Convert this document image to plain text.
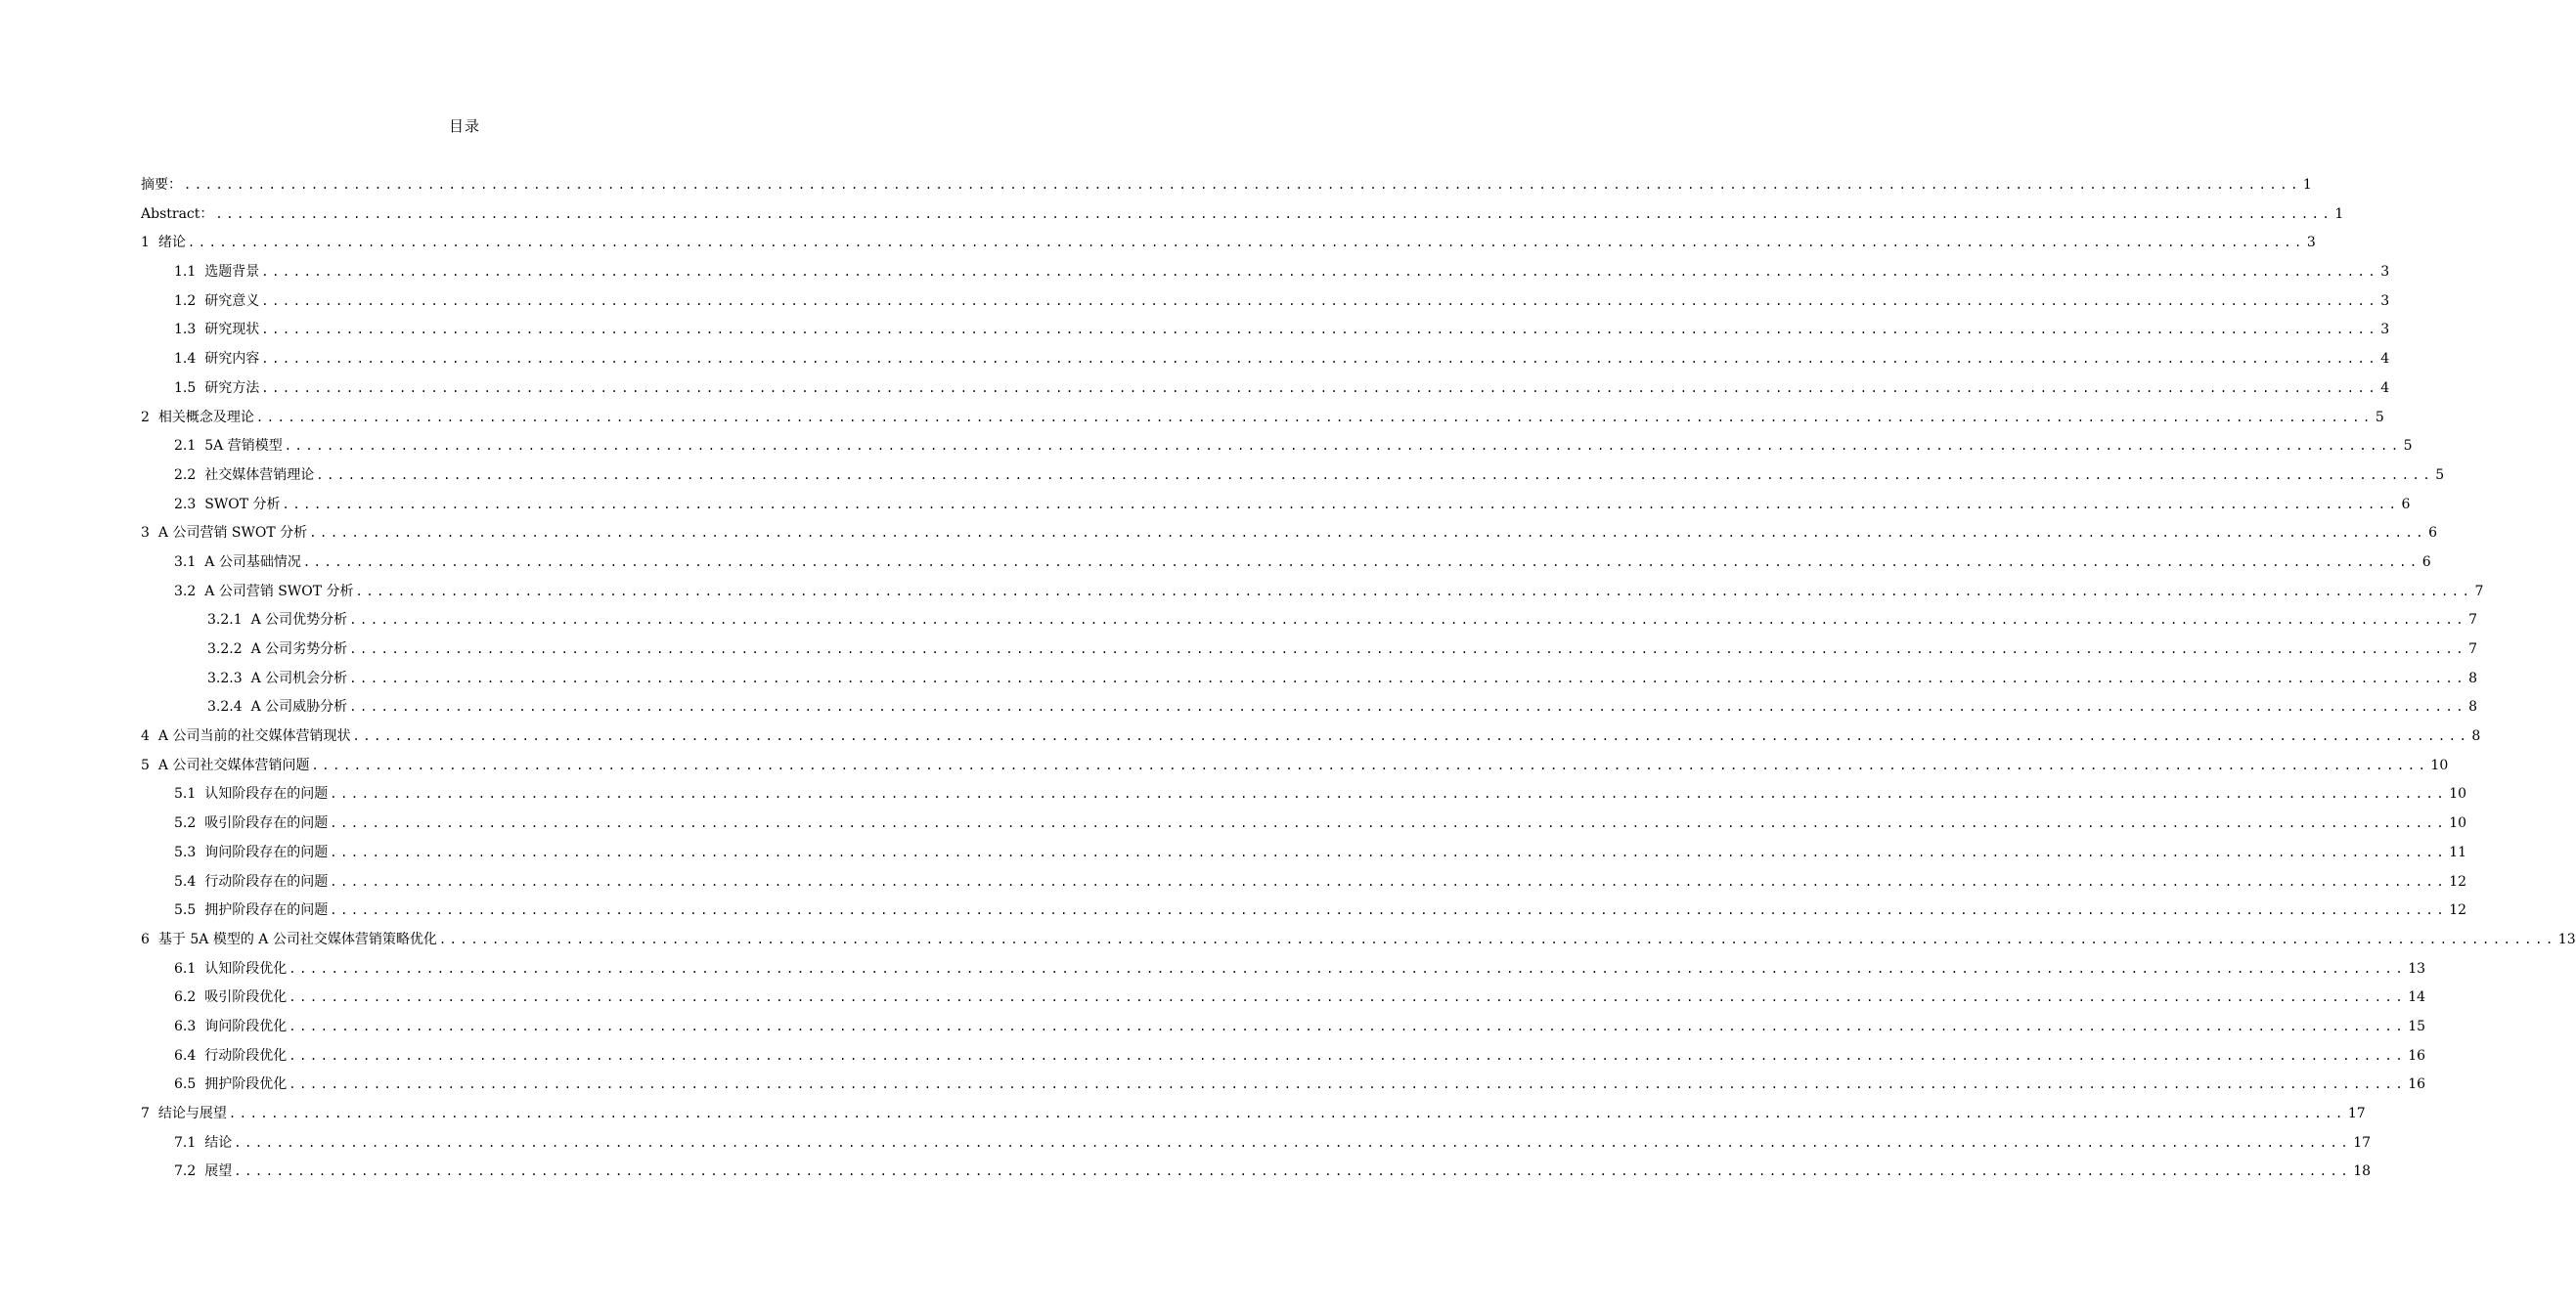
目录
摘要： ........................................................................................................................................................................................................ 1
Abstract： ........................................................................................................................................................................................................ 1
1 绪论 ........................................................................................................................................................................................................ 3
1.1 选题背景 ........................................................................................................................................................................................................ 3
1.2 研究意义 ........................................................................................................................................................................................................ 3
1.3 研究现状 ........................................................................................................................................................................................................ 3
1.4 研究内容 ........................................................................................................................................................................................................ 4
1.5 研究方法 ........................................................................................................................................................................................................ 4
2 相关概念及理论 ........................................................................................................................................................................................................ 5
2.1 5A 营销模型 ........................................................................................................................................................................................................ 5
2.2 社交媒体营销理论 ........................................................................................................................................................................................................ 5
2.3 SWOT 分析 ........................................................................................................................................................................................................ 6
3 A 公司营销 SWOT 分析 ........................................................................................................................................................................................................ 6
3.1 A 公司基础情况 ........................................................................................................................................................................................................ 6
3.2 A 公司营销 SWOT 分析 ........................................................................................................................................................................................................ 7
3.2.1 A 公司优势分析 ........................................................................................................................................................................................................ 7
3.2.2 A 公司劣势分析 ........................................................................................................................................................................................................ 7
3.2.3 A 公司机会分析 ........................................................................................................................................................................................................ 8
3.2.4 A 公司威胁分析 ........................................................................................................................................................................................................ 8
4 A 公司当前的社交媒体营销现状 ........................................................................................................................................................................................................ 8
5 A 公司社交媒体营销问题 ........................................................................................................................................................................................................ 10
5.1 认知阶段存在的问题 ........................................................................................................................................................................................................ 10
5.2 吸引阶段存在的问题 ........................................................................................................................................................................................................ 10
5.3 询问阶段存在的问题 ........................................................................................................................................................................................................ 11
5.4 行动阶段存在的问题 ........................................................................................................................................................................................................ 12
5.5 拥护阶段存在的问题 ........................................................................................................................................................................................................ 12
6 基于 5A 模型的 A 公司社交媒体营销策略优化 ........................................................................................................................................................................................................ 13
6.1 认知阶段优化 ........................................................................................................................................................................................................ 13
6.2 吸引阶段优化 ........................................................................................................................................................................................................ 14
6.3 询问阶段优化 ........................................................................................................................................................................................................ 15
6.4 行动阶段优化 ........................................................................................................................................................................................................ 16
6.5 拥护阶段优化 ........................................................................................................................................................................................................ 16
7 结论与展望 ........................................................................................................................................................................................................ 17
7.1 结论 ........................................................................................................................................................................................................ 17
7.2 展望 ........................................................................................................................................................................................................ 18
